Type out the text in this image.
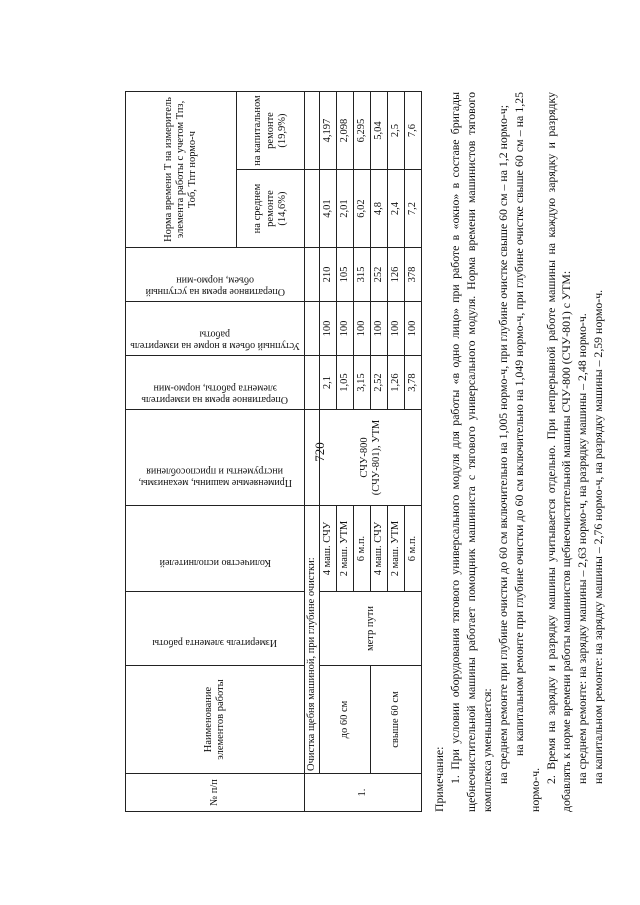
720
№ п/п	Наименование элементов работы	Измеритель элемента работы	Количество исполнителей	Применяемые машины, механизмы, инструменты и приспособления	Оперативное время на измеритель элемента работы, нормо-мин	Уступный объем в норме на измеритель работы	Оперативное время на уступный объем, нормо-мин	Норма времени Т на измеритель элемента работы с учетом Тпз, Тоб, Тпт нормо-ч	
								на среднем ремонте (14,6%)	на капитальном ремонте (19,9%)
1.	Очистка щебня машиной, при глубине очистки:								
	до 60 см	метр пути	4 маш. СЧУ	СЧУ-800 (СЧУ-801), УТМ	2,1	100	210	4,01	4,197
			2 маш. УТМ		1,05	100	105	2,01	2,098
			6 м.п.		3,15	100	315	6,02	6,295
	свыше 60 см		4 маш. СЧУ		2,52	100	252	4,8	5,04
			2 маш. УТМ		1,26	100	126	2,4	2,5
			6 м.п.		3,78	100	378	7,2	7,6

Примечание: 1. При условии оборудования тягового универсального модуля для работы «в одно лицо» при работе в «окно» в составе бригады щебнеочистительной машины работает помощник машиниста с тягового универсального модуля. Норма времени машинистов тягового комплекса уменьшается: на среднем ремонте при глубине очистки до 60 см включительно на 1,005 нормо-ч, при глубине очистке свыше 60 см – на 1,2 нормо-ч; на капитальном ремонте при глубине очистки до 60 см включительно на 1,049 нормо-ч, при глубине очистке свыше 60 см – на 1,25 нормо-ч.

2. Время на зарядку и разрядку машины учитывается отдельно. При непрерывной работе машины на каждую зарядку и разрядку добавлять к норме времени работы машинистов щебнеочистительной машины СЧУ-800 (СЧУ-801) с УТМ: на среднем ремонте: на зарядку машины – 2,63 нормо-ч, на разрядку машины – 2,48 нормо-ч. на капитальном ремонте: на зарядку машины – 2,76 нормо-ч, на разрядку машины – 2,59 нормо-ч.
